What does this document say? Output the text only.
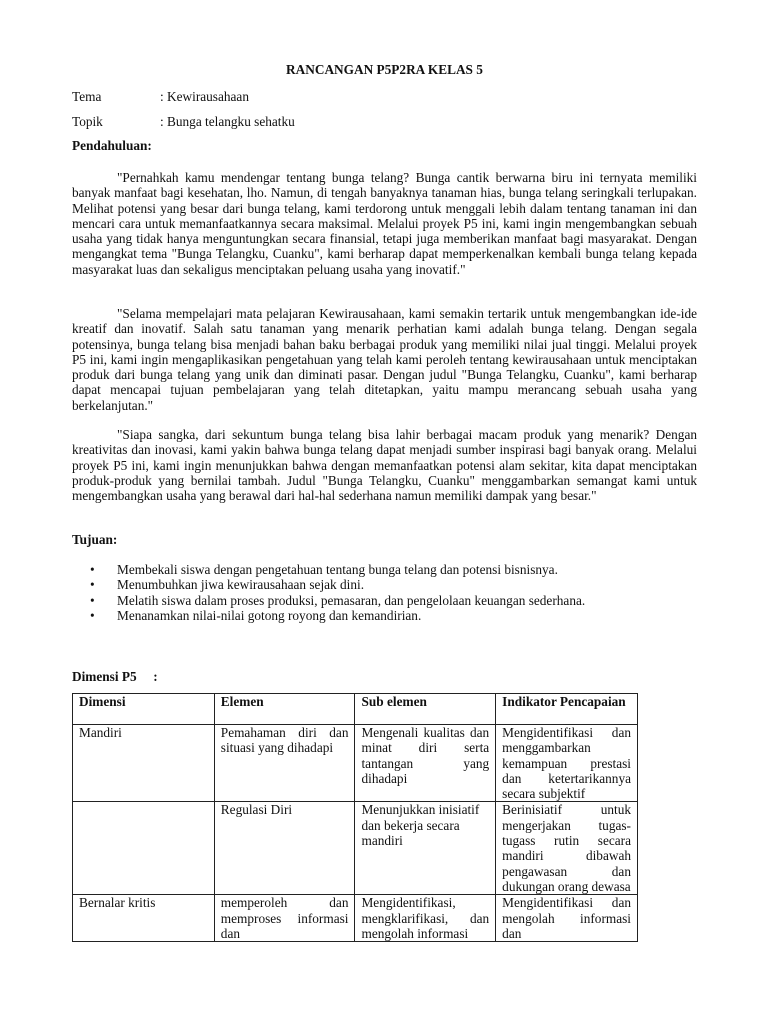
RANCANGAN P5P2RA KELAS 5
Tema	: Kewirausahaan
Topik	: Bunga telangku sehatku
Pendahuluan:
"Pernahkah kamu mendengar tentang bunga telang? Bunga cantik berwarna biru ini ternyata memiliki banyak manfaat bagi kesehatan, lho. Namun, di tengah banyaknya tanaman hias, bunga telang seringkali terlupakan. Melihat potensi yang besar dari bunga telang, kami terdorong untuk menggali lebih dalam tentang tanaman ini dan mencari cara untuk memanfaatkannya secara maksimal. Melalui proyek P5 ini, kami ingin mengembangkan sebuah usaha yang tidak hanya menguntungkan secara finansial, tetapi juga memberikan manfaat bagi masyarakat. Dengan mengangkat tema "Bunga Telangku, Cuanku", kami berharap dapat memperkenalkan kembali bunga telang kepada masyarakat luas dan sekaligus menciptakan peluang usaha yang inovatif."
"Selama mempelajari mata pelajaran Kewirausahaan, kami semakin tertarik untuk mengembangkan ide-ide kreatif dan inovatif. Salah satu tanaman yang menarik perhatian kami adalah bunga telang. Dengan segala potensinya, bunga telang bisa menjadi bahan baku berbagai produk yang memiliki nilai jual tinggi. Melalui proyek P5 ini, kami ingin mengaplikasikan pengetahuan yang telah kami peroleh tentang kewirausahaan untuk menciptakan produk dari bunga telang yang unik dan diminati pasar. Dengan judul "Bunga Telangku, Cuanku", kami berharap dapat mencapai tujuan pembelajaran yang telah ditetapkan, yaitu mampu merancang sebuah usaha yang berkelanjutan."
"Siapa sangka, dari sekuntum bunga telang bisa lahir berbagai macam produk yang menarik? Dengan kreativitas dan inovasi, kami yakin bahwa bunga telang dapat menjadi sumber inspirasi bagi banyak orang. Melalui proyek P5 ini, kami ingin menunjukkan bahwa dengan memanfaatkan potensi alam sekitar, kita dapat menciptakan produk-produk yang bernilai tambah. Judul "Bunga Telangku, Cuanku" menggambarkan semangat kami untuk mengembangkan usaha yang berawal dari hal-hal sederhana namun memiliki dampak yang besar."
Tujuan:
• Membekali siswa dengan pengetahuan tentang bunga telang dan potensi bisnisnya.
• Menumbuhkan jiwa kewirausahaan sejak dini.
• Melatih siswa dalam proses produksi, pemasaran, dan pengelolaan keuangan sederhana.
• Menanamkan nilai-nilai gotong royong dan kemandirian.
Dimensi P5     :
Dimensi	Elemen	Sub elemen	Indikator Pencapaian
Mandiri	Pemahaman diri dan situasi yang dihadapi	Mengenali kualitas dan minat diri serta tantangan yang dihadapi	Mengidentifikasi dan menggambarkan kemampuan prestasi dan ketertarikannya secara subjektif
	Regulasi Diri	Menunjukkan inisiatif dan bekerja secara mandiri	Berinisiatif untuk mengerjakan tugas-tugass rutin secara mandiri dibawah pengawasan dan dukungan orang dewasa
Bernalar kritis	memperoleh dan memproses informasi dan	Mengidentifikasi, mengklarifikasi, dan mengolah informasi	Mengidentifikasi dan mengolah informasi dan
